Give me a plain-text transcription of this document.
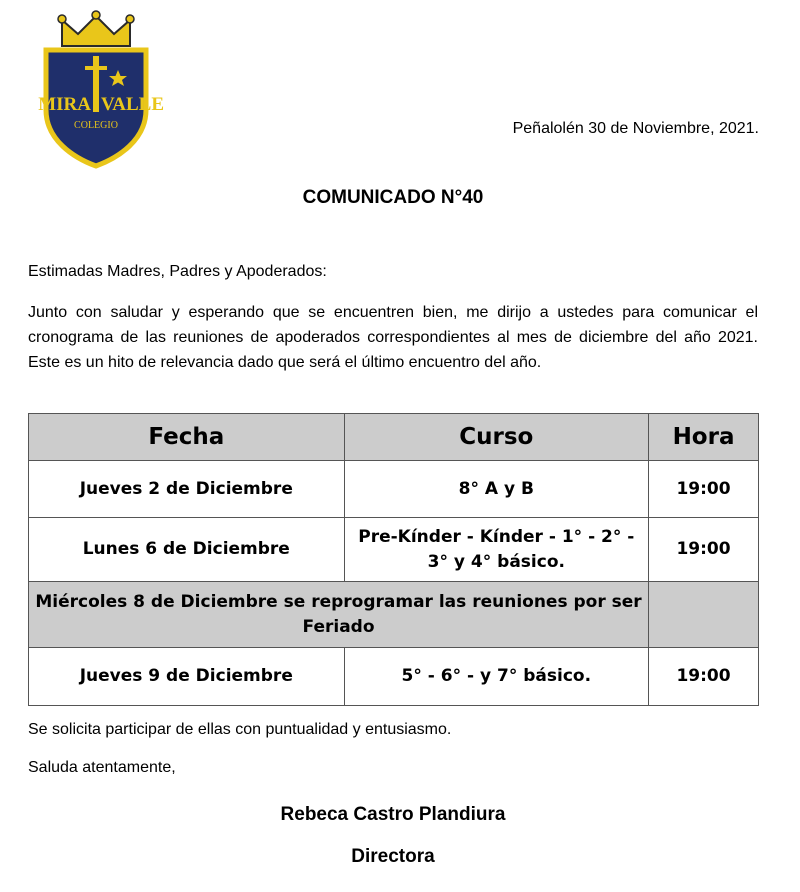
MIRA VALLE
COLEGIO	Peñalolén 30 de Noviembre, 2021.
COMUNICADO N°40
Estimadas Madres, Padres y Apoderados:
Junto con saludar y esperando que se encuentren bien, me dirijo a ustedes para comunicar el cronograma de las reuniones de apoderados correspondientes al mes de diciembre del año 2021. Este es un hito de relevancia dado que será el último encuentro del año.
Fecha	Curso	Hora
Jueves 2 de Diciembre	8° A y B	19:00
Lunes 6 de Diciembre	Pre-Kínder - Kínder - 1° - 2° - 3° y 4° básico.	19:00
Miércoles 8 de Diciembre se reprogramar las reuniones por ser Feriado		
Jueves 9 de Diciembre	5° - 6° - y 7° básico.	19:00
Se solicita participar de ellas con puntualidad y entusiasmo.
Saluda atentamente,
Rebeca Castro Plandiura
Directora
